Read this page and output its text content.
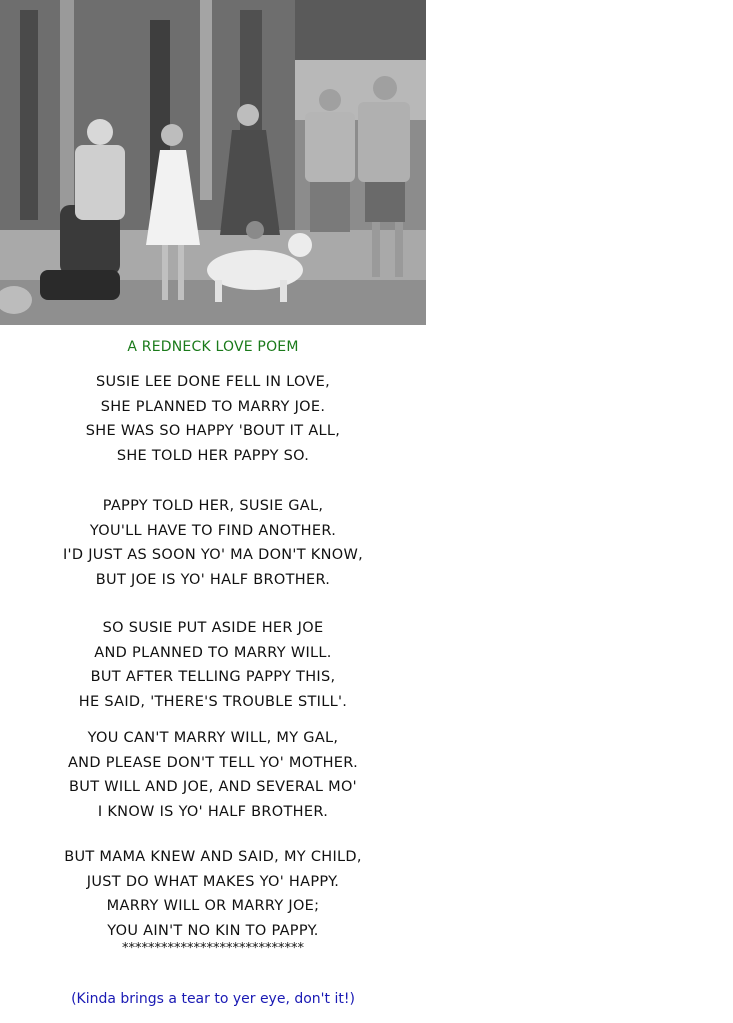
A REDNECK LOVE POEM
SUSIE LEE DONE FELL IN LOVE,
SHE PLANNED TO MARRY JOE.
SHE WAS SO HAPPY 'BOUT IT ALL,
SHE TOLD HER PAPPY SO.
PAPPY TOLD HER, SUSIE GAL,
YOU'LL HAVE TO FIND ANOTHER.
I'D JUST AS SOON YO' MA DON'T KNOW,
BUT JOE IS YO' HALF BROTHER.
SO SUSIE PUT ASIDE HER JOE
AND PLANNED TO MARRY WILL.
BUT AFTER TELLING PAPPY THIS,
HE SAID, 'THERE'S TROUBLE STILL'.
YOU CAN'T MARRY WILL, MY GAL,
AND PLEASE DON'T TELL YO' MOTHER.
BUT WILL AND JOE, AND SEVERAL MO'
I KNOW IS YO' HALF BROTHER.
BUT MAMA KNEW AND SAID, MY CHILD,
JUST DO WHAT MAKES YO' HAPPY.
MARRY WILL OR MARRY JOE;
YOU AIN'T NO KIN TO PAPPY.
****************************
(Kinda brings a tear to yer eye, don't it!)
